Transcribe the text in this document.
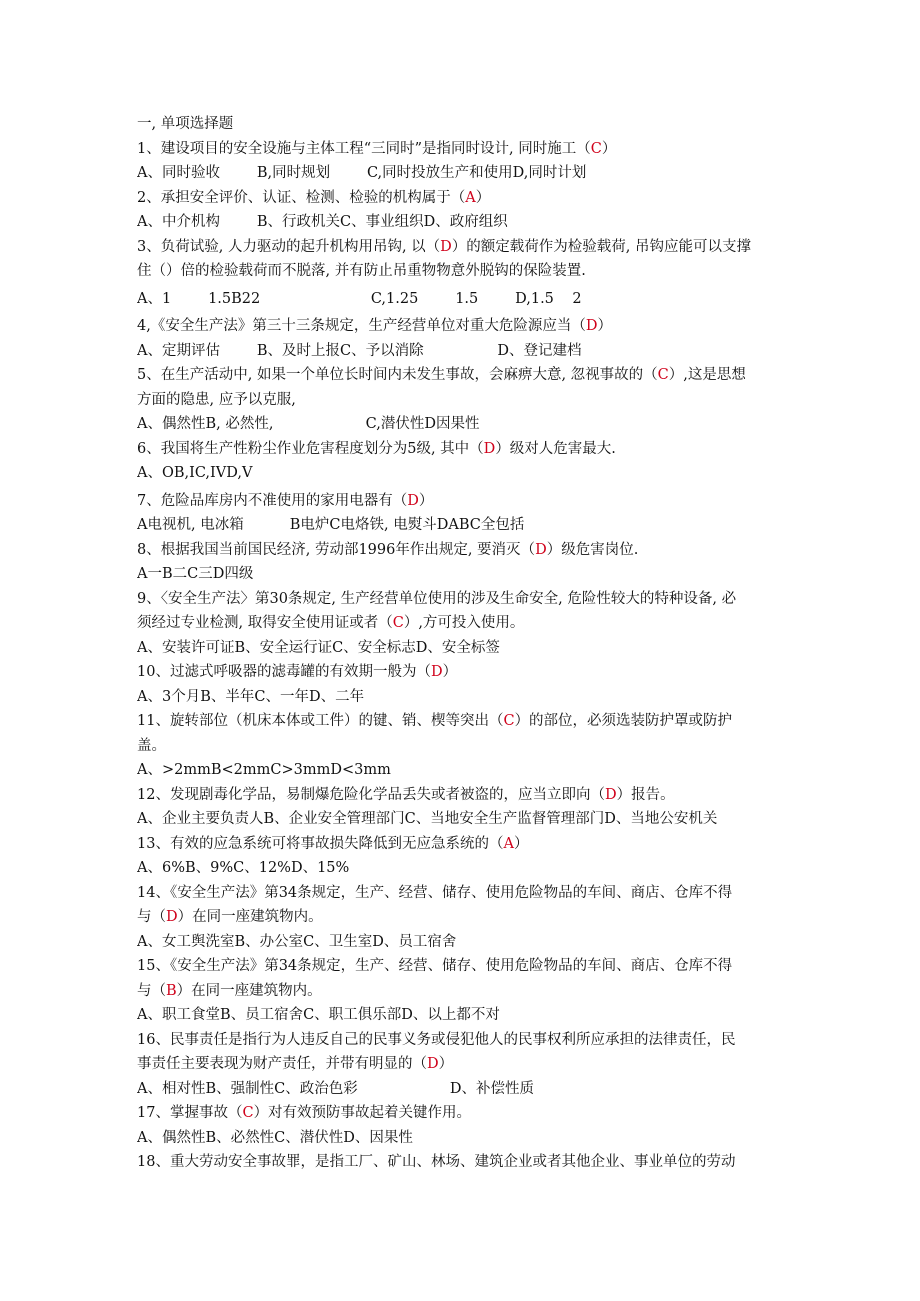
一, 单项选择题
1、建设项目的安全设施与主体工程“三同时”是指同时设计, 同时施工（C）
A、同时验收        B,同时规划        C,同时投放生产和使用D,同时计划
2、承担安全评价、认证、检测、检验的机构属于（A）
A、中介机构        B、行政机关C、事业组织D、政府组织
3、负荷试验, 人力驱动的起升机构用吊钩, 以（D）的额定载荷作为检验载荷, 吊钩应能可以支撑
住（）倍的检验载荷而不脱落, 并有防止吊重物物意外脱钩的保险装置.
A、1        1.5B22                        C,1.25        1.5        D,1.5    2
4,《安全生产法》第三十三条规定，生产经营单位对重大危险源应当（D）
A、定期评估        B、及时上报C、予以消除                D、登记建档
5、在生产活动中, 如果一个单位长时间内未发生事故，会麻痹大意, 忽视事故的（C）,这是思想
方面的隐患, 应予以克服,
A、偶然性B, 必然性,                    C,潜伏性D因果性
6、我国将生产性粉尘作业危害程度划分为5级, 其中（D）级对人危害最大.
A、OB,IC,IVD,V
7、危险品库房内不准使用的家用电器有（D）
A电视机, 电冰箱          B电炉C电烙铁, 电熨斗DABC全包括
8、根据我国当前国民经济, 劳动部1996年作出规定, 要消灭（D）级危害岗位.
A一B二C三D四级
9、〈安全生产法〉第30条规定, 生产经营单位使用的涉及生命安全, 危险性较大的特种设备, 必
须经过专业检测, 取得安全使用证或者（C）,方可投入使用。
A、安装许可证B、安全运行证C、安全标志D、安全标签
10、过滤式呼吸器的滤毒罐的有效期一般为（D）
A、3个月B、半年C、一年D、二年
11、旋转部位（机床本体或工件）的键、销、楔等突出（C）的部位，必须选装防护罩或防护
盖。
A、>2mmB<2mmC>3mmD<3mm
12、发现剧毒化学品，易制爆危险化学品丢失或者被盗的，应当立即向（D）报告。
A、企业主要负责人B、企业安全管理部门C、当地安全生产监督管理部门D、当地公安机关
13、有效的应急系统可将事故损失降低到无应急系统的（A）
A、6%B、9%C、12%D、15%
14、《安全生产法》第34条规定，生产、经营、储存、使用危险物品的车间、商店、仓库不得
与（D）在同一座建筑物内。
A、女工舆洗室B、办公室C、卫生室D、员工宿舍
15、《安全生产法》第34条规定，生产、经营、储存、使用危险物品的车间、商店、仓库不得
与（B）在同一座建筑物内。
A、职工食堂B、员工宿舍C、职工俱乐部D、以上都不对
16、民事责任是指行为人违反自己的民事义务或侵犯他人的民事权利所应承担的法律责任，民
事责任主要表现为财产责任，并带有明显的（D）
A、相对性B、强制性C、政治色彩                    D、补偿性质
17、掌握事故（C）对有效预防事故起着关键作用。
A、偶然性B、必然性C、潜伏性D、因果性
18、重大劳动安全事故罪，是指工厂、矿山、林场、建筑企业或者其他企业、事业单位的劳动
